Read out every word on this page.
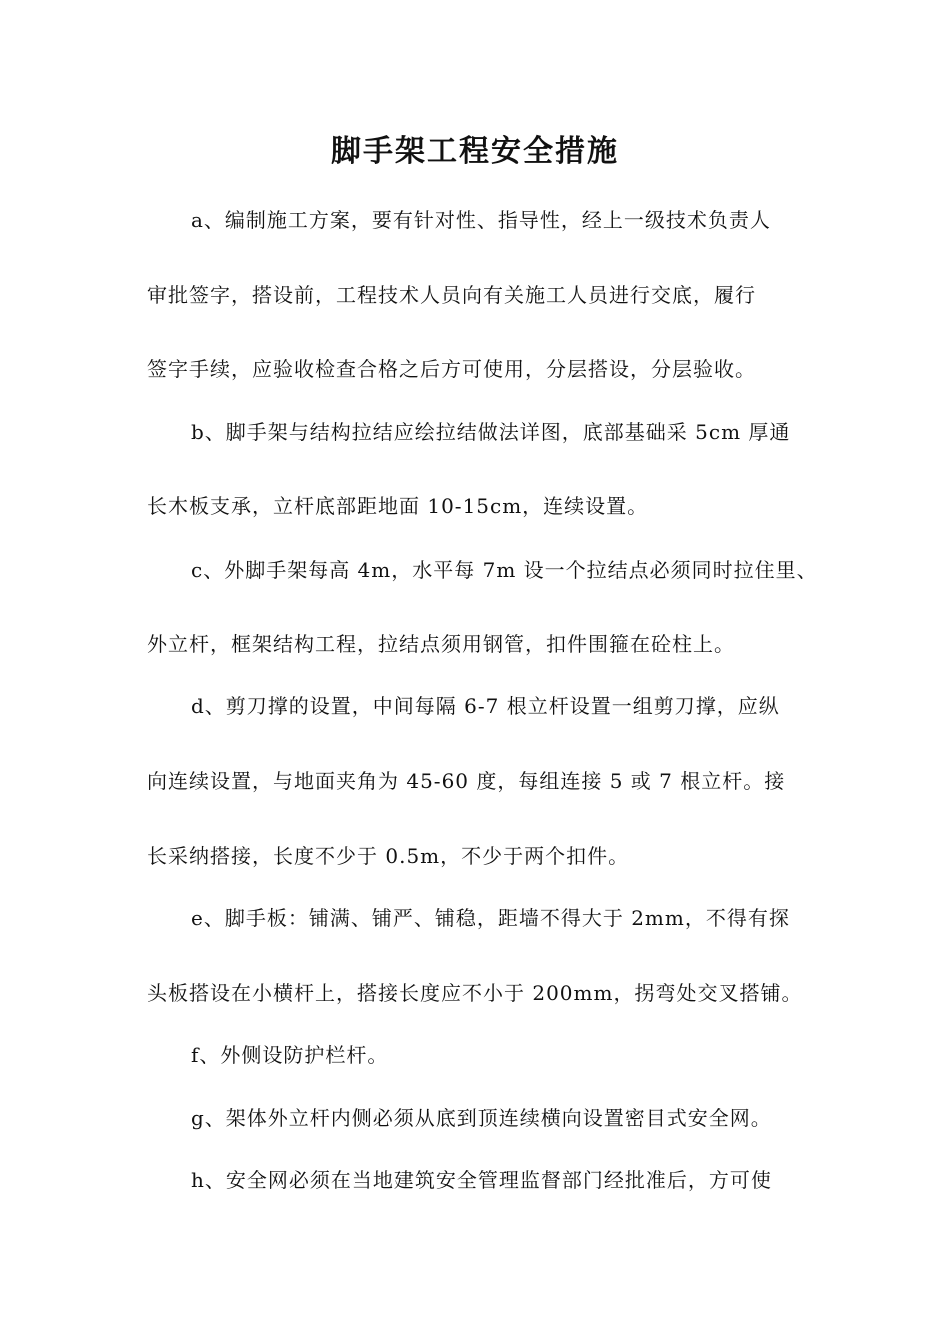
脚手架工程安全措施
a、编制施工方案，要有针对性、指导性，经上一级技术负责人
审批签字，搭设前，工程技术人员向有关施工人员进行交底，履行
签字手续，应验收检查合格之后方可使用，分层搭设，分层验收。
b、脚手架与结构拉结应绘拉结做法详图，底部基础采 5cm 厚通
长木板支承，立杆底部距地面 10-15cm，连续设置。
c、外脚手架每高 4m，水平每 7m 设一个拉结点必须同时拉住里、
外立杆，框架结构工程，拉结点须用钢管，扣件围箍在砼柱上。
d、剪刀撑的设置，中间每隔 6-7 根立杆设置一组剪刀撑，应纵
向连续设置，与地面夹角为 45-60 度，每组连接 5 或 7 根立杆。接
长采纳搭接，长度不少于 0.5m，不少于两个扣件。
e、脚手板：铺满、铺严、铺稳，距墙不得大于 2mm，不得有探
头板搭设在小横杆上，搭接长度应不小于 200mm，拐弯处交叉搭铺。
f、外侧设防护栏杆。
g、架体外立杆内侧必须从底到顶连续横向设置密目式安全网。
h、安全网必须在当地建筑安全管理监督部门经批准后，方可使
